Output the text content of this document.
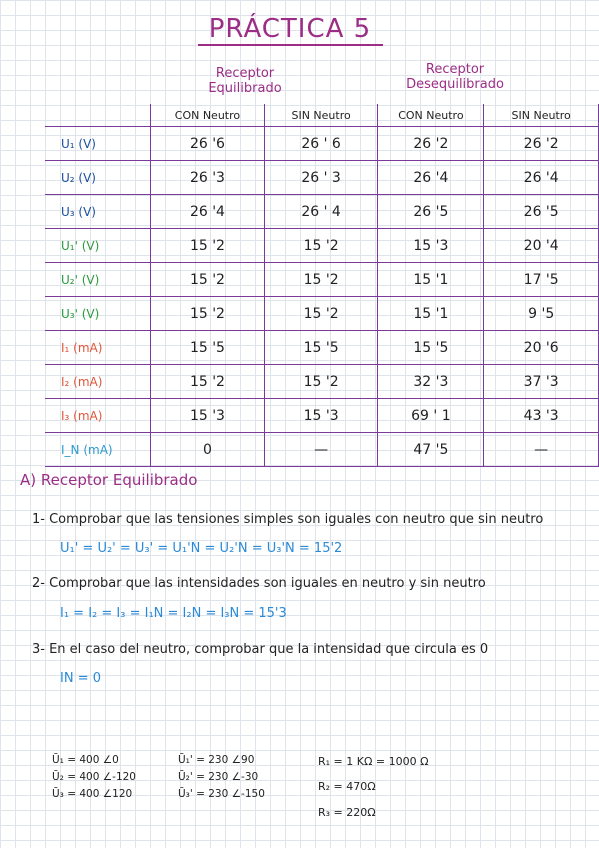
PRÁCTICA 5
Receptor
Equilibrado
Receptor
Desequilibrado
	CON Neutro	SIN Neutro	CON Neutro	SIN Neutro
U₁ (V)	26 '6	26 ' 6	26 '2	26 '2
U₂ (V)	26 '3	26 ' 3	26 '4	26 '4
U₃ (V)	26 '4	26 ' 4	26 '5	26 '5
U₁' (V)	15 '2	15 '2	15 '3	20 '4
U₂' (V)	15 '2	15 '2	15 '1	17 '5
U₃' (V)	15 '2	15 '2	15 '1	9 '5
I₁ (mA)	15 '5	15 '5	15 '5	20 '6
I₂ (mA)	15 '2	15 '2	32 '3	37 '3
I₃ (mA)	15 '3	15 '3	69 ' 1	43 '3
I_N (mA)	0	—	47 '5	—
A) Receptor Equilibrado
1- Comprobar que las tensiones simples son iguales con neutro que sin neutro
U₁' = U₂' = U₃' = U₁'N = U₂'N = U₃'N = 15'2
2- Comprobar que las intensidades son iguales en neutro y sin neutro
I₁ = I₂ = I₃ = I₁N = I₂N = I₃N = 15'3
3- En el caso del neutro, comprobar que la intensidad que circula es 0
IN = 0
Ū₁ = 400 ∠0
Ū₂ = 400 ∠-120
Ū₃ = 400 ∠120
Ū₁' = 230 ∠90
Ū₂' = 230 ∠-30
Ū₃' = 230 ∠-150
R₁ = 1 KΩ = 1000 Ω
R₂ = 470Ω
R₃ = 220Ω
